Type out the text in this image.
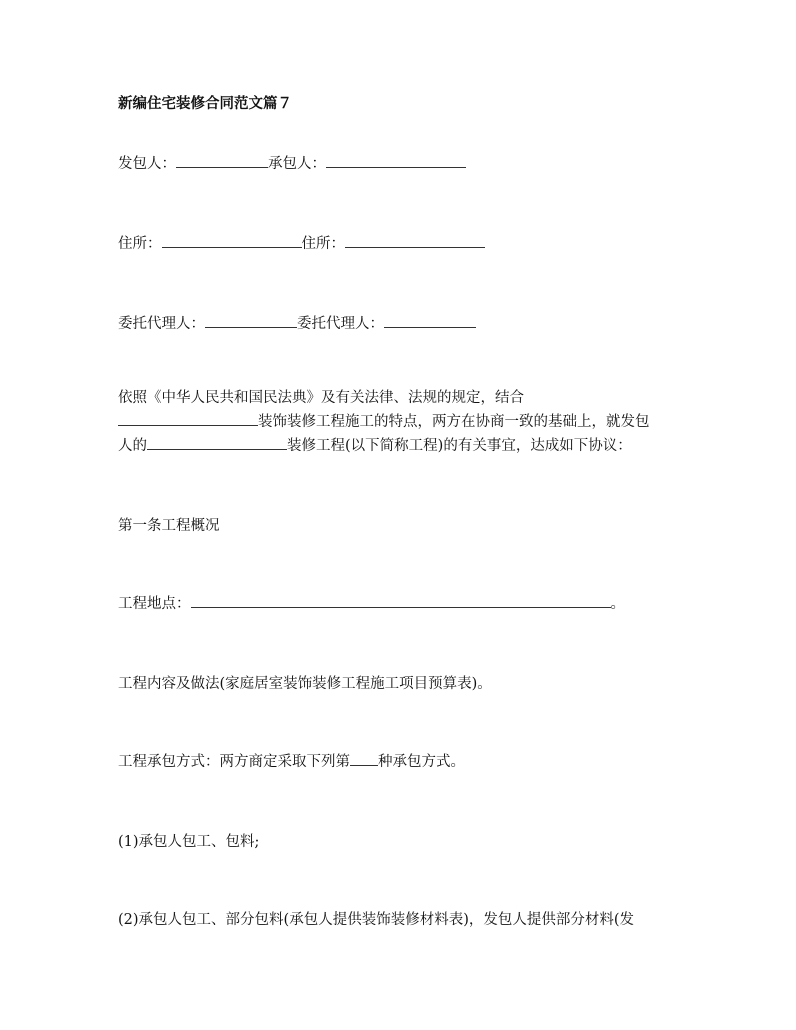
新编住宅装修合同范文篇７
发包人：	承包人：
住所：	住所：
委托代理人：	委托代理人：
依照《中华人民共和国民法典》及有关法律、法规的规定，结合
装饰装修工程施工的特点，两方在协商一致的基础上，就发包
人的	装修工程(以下简称工程)的有关事宜，达成如下协议：
第一条工程概况
工程地点：	。
工程内容及做法(家庭居室装饰装修工程施工项目预算表)。
工程承包方式：两方商定采取下列第 种承包方式。
(1)承包人包工、包料;
(2)承包人包工、部分包料(承包人提供装饰装修材料表)，发包人提供部分材料(发
